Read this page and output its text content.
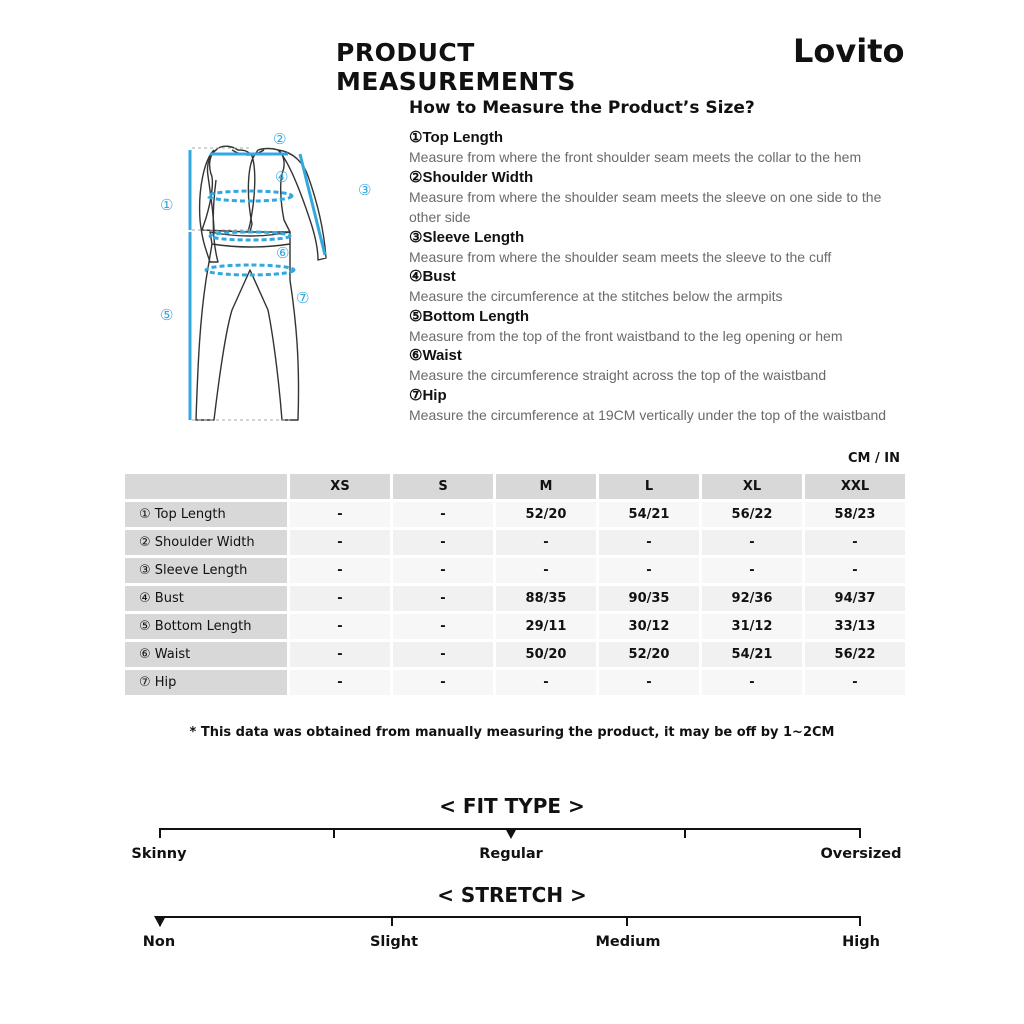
PRODUCT MEASUREMENTS
Lovito
①
②
③
④
⑤
⑥
⑦
How to Measure the Product’s Size?
①Top Length
Measure from where the front shoulder seam meets the collar to the hem
②Shoulder Width
Measure from where the shoulder seam meets the sleeve on one side to the other side
③Sleeve Length
Measure from where the shoulder seam meets the sleeve to the cuff
④Bust
Measure the circumference at the stitches below the armpits
⑤Bottom Length
Measure from the top of the front waistband to the leg opening or hem
⑥Waist
Measure the circumference straight across the top of the waistband
⑦Hip
Measure the circumference at 19CM vertically under the top of the waistband
CM / IN
	XS	S	M	L	XL	XXL
① Top Length	-	-	52/20	54/21	56/22	58/23
② Shoulder Width	-	-	-	-	-	-
③ Sleeve Length	-	-	-	-	-	-
④ Bust	-	-	88/35	90/35	92/36	94/37
⑤ Bottom Length	-	-	29/11	30/12	31/12	33/13
⑥ Waist	-	-	50/20	52/20	54/21	56/22
⑦ Hip	-	-	-	-	-	-
* This data was obtained from manually measuring the product, it may be off by 1~2CM
< FIT TYPE >
Skinny	Regular	Oversized
< STRETCH >
Non	Slight	Medium	High
